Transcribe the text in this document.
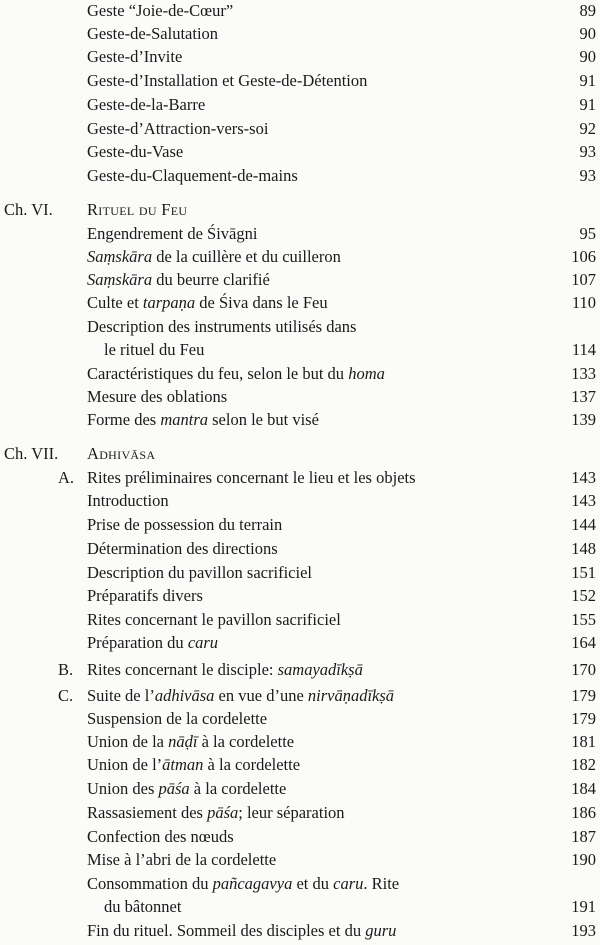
Geste “Joie-de-Cœur”	89
Geste-de-Salutation	90
Geste-d’Invite	90
Geste-d’Installation et Geste-de-Détention	91
Geste-de-la-Barre	91
Geste-d’Attraction-vers-soi	92
Geste-du-Vase	93
Geste-du-Claquement-de-mains	93
Ch. VI. Rituel du Feu
Engendrement de Śivāgni	95
Saṃskāra de la cuillère et du cuilleron	106
Saṃskāra du beurre clarifié	107
Culte et tarpaṇa de Śiva dans le Feu	110
Description des instruments utilisés dans
le rituel du Feu	114
Caractéristiques du feu, selon le but du homa	133
Mesure des oblations	137
Forme des mantra selon le but visé	139
Ch. VII. Adhivāsa
A. Rites préliminaires concernant le lieu et les objets	143
Introduction	143
Prise de possession du terrain	144
Détermination des directions	148
Description du pavillon sacrificiel	151
Préparatifs divers	152
Rites concernant le pavillon sacrificiel	155
Préparation du caru	164
B. Rites concernant le disciple: samayadīkṣā	170
C. Suite de l’adhivāsa en vue d’une nirvāṇadīkṣā	179
Suspension de la cordelette	179
Union de la nāḍī à la cordelette	181
Union de l’ātman à la cordelette	182
Union des pāśa à la cordelette	184
Rassasiement des pāśa; leur séparation	186
Confection des nœuds	187
Mise à l’abri de la cordelette	190
Consommation du pañcagavya et du caru. Rite
du bâtonnet	191
Fin du rituel. Sommeil des disciples et du guru	193
